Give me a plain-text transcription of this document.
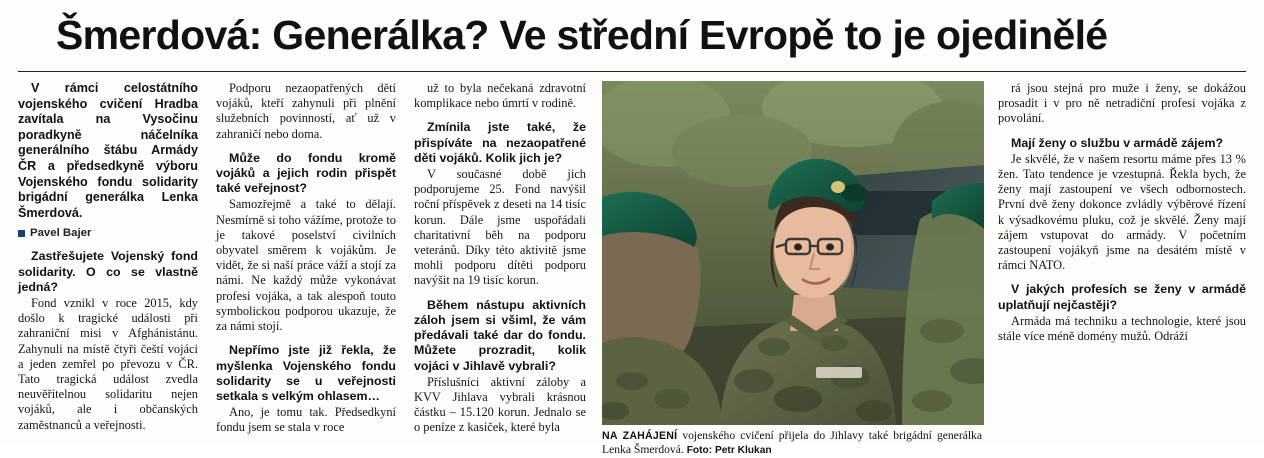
Šmerdová: Generálka? Ve střední Evropě to je ojedinělé

V rámci celostátního vojenského cvičení Hradba zavítala na Vysočinu poradkyně náčelníka generálního štábu Armády ČR a předsedkyně výboru Vojenského fondu solidarity brigádní generálka Lenka Šmerdová.

Pavel Bajer

Zastřešujete Vojenský fond solidarity. O co se vlastně jedná?

Fond vznikl v roce 2015, kdy došlo k tragické události při zahraniční misi v Afghánistánu. Zahynuli na místě čtyři čeští vojáci a jeden zemřel po převozu v ČR. Tato tragická událost zvedla neuvěřitelnou solidaritu nejen vojáků, ale i občanských zaměstnanců a veřejnosti.

Podporu nezaopatřených dětí vojáků, kteří zahynuli při plnění služebních povinností, ať už v zahraničí nebo doma.

Může do fondu kromě vojáků a jejich rodin přispět také veřejnost?

Samozřejmě a také to dělají. Nesmírně si toho vážíme, protože to je takové poselství civilních obyvatel směrem k vojákům. Je vidět, že si naší práce váží a stojí za námi. Ne každý může vykonávat profesi vojáka, a tak alespoň touto symbolickou podporou ukazuje, že za námi stojí.

Nepřímo jste již řekla, že myšlenka Vojenského fondu solidarity se u veřejnosti setkala s velkým ohlasem…

Ano, je tomu tak. Předsedkyní fondu jsem se stala v roce

už to byla nečekaná zdravotní komplikace nebo úmrtí v rodině.

Zmínila jste také, že přispíváte na nezaopatřené děti vojáků. Kolik jich je?

V současné době jich podporujeme 25. Fond navýšil roční příspěvek z deseti na 14 tisíc korun. Dále jsme uspořádali charitativní běh na podporu veteránů. Díky této aktivitě jsme mohli podporu dítěti podporu navýšit na 19 tisíc korun.

Během nástupu aktivních záloh jsem si všiml, že vám předávali také dar do fondu. Můžete prozradit, kolik vojáci v Jihlavě vybrali?

Příslušníci aktivní záloby a KVV Jihlava vybrali krásnou částku – 15.120 korun. Jednalo se o peníze z kasiček, které byla

NA ZAHÁJENÍ vojenského cvičení přijela do Jihlavy také brigádní generálka Lenka Šmerdová. Foto: Petr Klukan

rá jsou stejná pro muže i ženy, se dokážou prosadit i v pro ně netradiční profesi vojáka z povolání.

Mají ženy o službu v armádě zájem?

Je skvělé, že v našem resortu máme přes 13 % žen. Tato tendence je vzestupná. Řekla bych, že ženy mají zastoupení ve všech odbornostech. První dvě ženy dokonce zvládly výběrové řízení k výsadkovému pluku, což je skvělé. Ženy mají zájem vstupovat do armády. V početním zastoupení vojákyň jsme na desátém místě v rámci NATO.

V jakých profesích se ženy v armádě uplatňují nejčastěji?

Armáda má techniku a technologie, které jsou stále více méně domény mužů. Odráží
